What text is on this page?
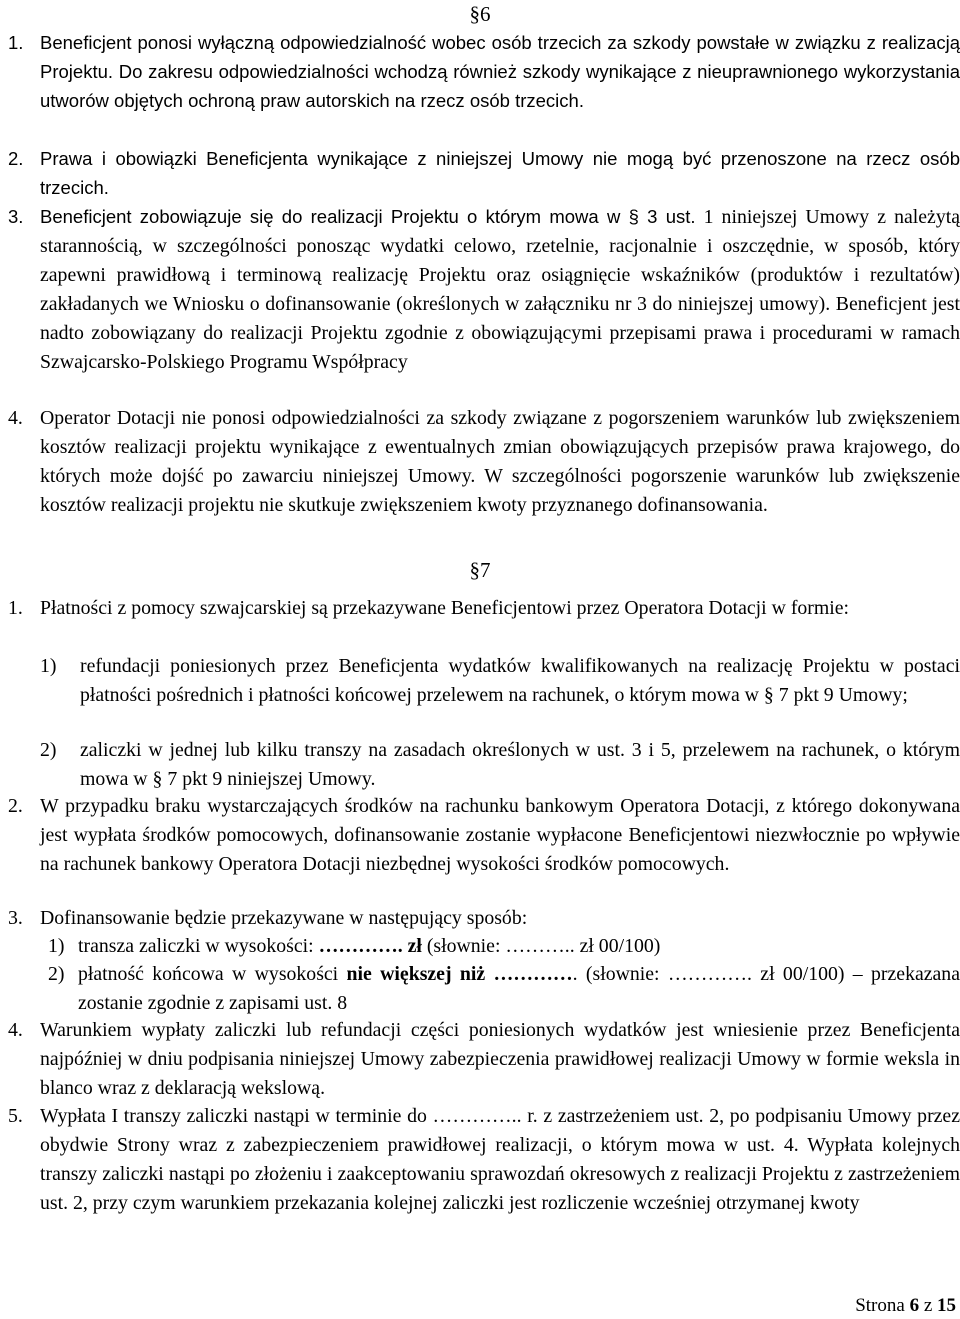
§6
1. Beneficjent ponosi wyłączną odpowiedzialność wobec osób trzecich za szkody powstałe w związku z realizacją Projektu. Do zakresu odpowiedzialności wchodzą również szkody wynikające z nieuprawnionego wykorzystania utworów objętych ochroną praw autorskich na rzecz osób trzecich.
2. Prawa i obowiązki Beneficjenta wynikające z niniejszej Umowy nie mogą być przenoszone na rzecz osób trzecich.
3. Beneficjent zobowiązuje się do realizacji Projektu o którym mowa w § 3 ust. 1 niniejszej Umowy z należytą starannością, w szczególności ponosząc wydatki celowo, rzetelnie, racjonalnie i oszczędnie, w sposób, który zapewni prawidłową i terminową realizację Projektu oraz osiągnięcie wskaźników (produktów i rezultatów) zakładanych we Wniosku o dofinansowanie (określonych w załączniku nr 3 do niniejszej umowy). Beneficjent jest nadto zobowiązany do realizacji Projektu zgodnie z obowiązującymi przepisami prawa i procedurami w ramach Szwajcarsko-Polskiego Programu Współpracy
4. Operator Dotacji nie ponosi odpowiedzialności za szkody związane z pogorszeniem warunków lub zwiększeniem kosztów realizacji projektu wynikające z ewentualnych zmian obowiązujących przepisów prawa krajowego, do których może dojść po zawarciu niniejszej Umowy. W szczególności pogorszenie warunków lub zwiększenie kosztów realizacji projektu nie skutkuje zwiększeniem kwoty przyznanego dofinansowania.
§7
1. Płatności z pomocy szwajcarskiej są przekazywane Beneficjentowi przez Operatora Dotacji w formie:
1)	refundacji poniesionych przez Beneficjenta wydatków kwalifikowanych na realizację Projektu w postaci płatności pośrednich i płatności końcowej przelewem na rachunek, o którym mowa w § 7 pkt 9 Umowy;
2)	zaliczki w jednej lub kilku transzy na zasadach określonych w ust. 3 i 5, przelewem na rachunek, o którym mowa w § 7 pkt 9 niniejszej Umowy.
2. W przypadku braku wystarczających środków na rachunku bankowym Operatora Dotacji, z którego dokonywana jest wypłata środków pomocowych, dofinansowanie zostanie wypłacone Beneficjentowi niezwłocznie po wpływie na rachunek bankowy Operatora Dotacji niezbędnej wysokości środków pomocowych.
3. Dofinansowanie będzie przekazywane w następujący sposób:
1) transza zaliczki w wysokości: …………. zł (słownie: ……….. zł 00/100)
2) płatność końcowa w wysokości nie większej niż …………. (słownie: …………. zł 00/100) – przekazana zostanie zgodnie z zapisami ust. 8
4. Warunkiem wypłaty zaliczki lub refundacji części poniesionych wydatków jest wniesienie przez Beneficjenta najpóźniej w dniu podpisania niniejszej Umowy zabezpieczenia prawidłowej realizacji Umowy w formie weksla in blanco wraz z deklaracją wekslową.
5. Wypłata I transzy zaliczki nastąpi w terminie do ………….. r. z zastrzeżeniem ust. 2, po podpisaniu Umowy przez obydwie Strony wraz z zabezpieczeniem prawidłowej realizacji, o którym mowa w ust. 4. Wypłata kolejnych transzy zaliczki nastąpi po złożeniu i zaakceptowaniu sprawozdań okresowych z realizacji Projektu z zastrzeżeniem ust. 2, przy czym warunkiem przekazania kolejnej zaliczki jest rozliczenie wcześniej otrzymanej kwoty
Strona 6 z 15
